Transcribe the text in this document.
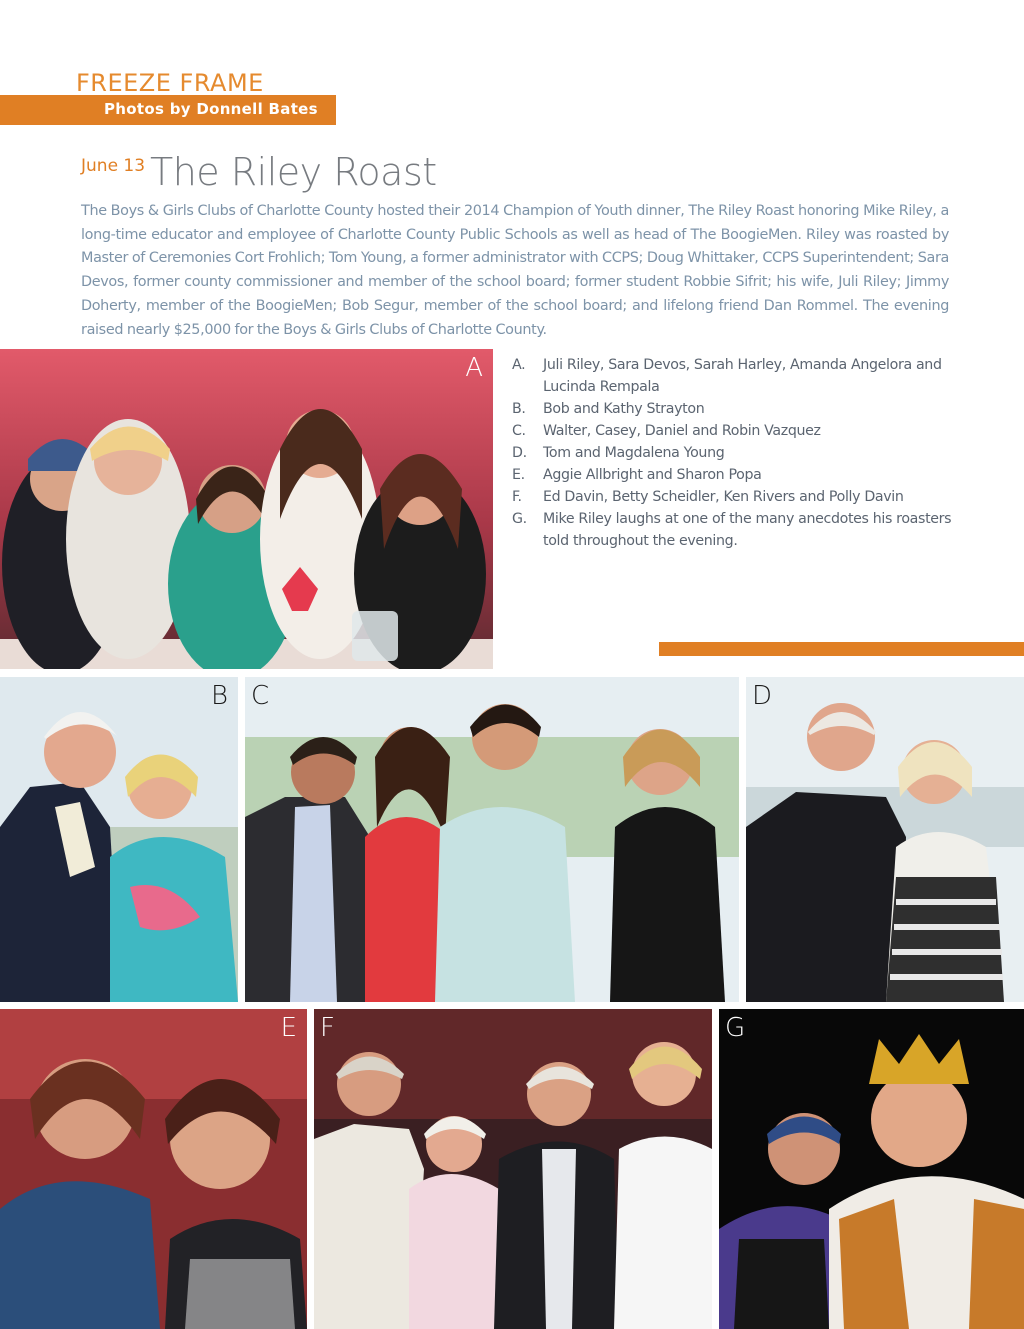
FREEZE FRAME
Photos by Donnell Bates
June 13 The Riley Roast

The Boys & Girls Clubs of Charlotte County hosted their 2014 Champion of Youth dinner, The Riley Roast honoring Mike Riley, a long-time educator and employee of Charlotte County Public Schools as well as head of The BoogieMen. Riley was roasted by Master of Ceremonies Cort Frohlich; Tom Young, a former administrator with CCPS; Doug Whittaker, CCPS Superintendent; Sara Devos, former county commissioner and member of the school board; former student Robbie Sifrit; his wife, Juli Riley; Jimmy Doherty, member of the BoogieMen; Bob Segur, member of the school board; and lifelong friend Dan Rommel. The evening raised nearly $25,000 for the Boys & Girls Clubs of Charlotte County.

A A. Juli Riley, Sara Devos, Sarah Harley, Amanda Angelora and Lucinda Rempala
B. Bob and Kathy Strayton
C. Walter, Casey, Daniel and Robin Vazquez
D. Tom and Magdalena Young
E. Aggie Allbright and Sharon Popa
F. Ed Davin, Betty Scheidler, Ken Rivers and Polly Davin
G. Mike Riley laughs at one of the many anecdotes his roasters told throughout the evening.
B C	D
E F	G
